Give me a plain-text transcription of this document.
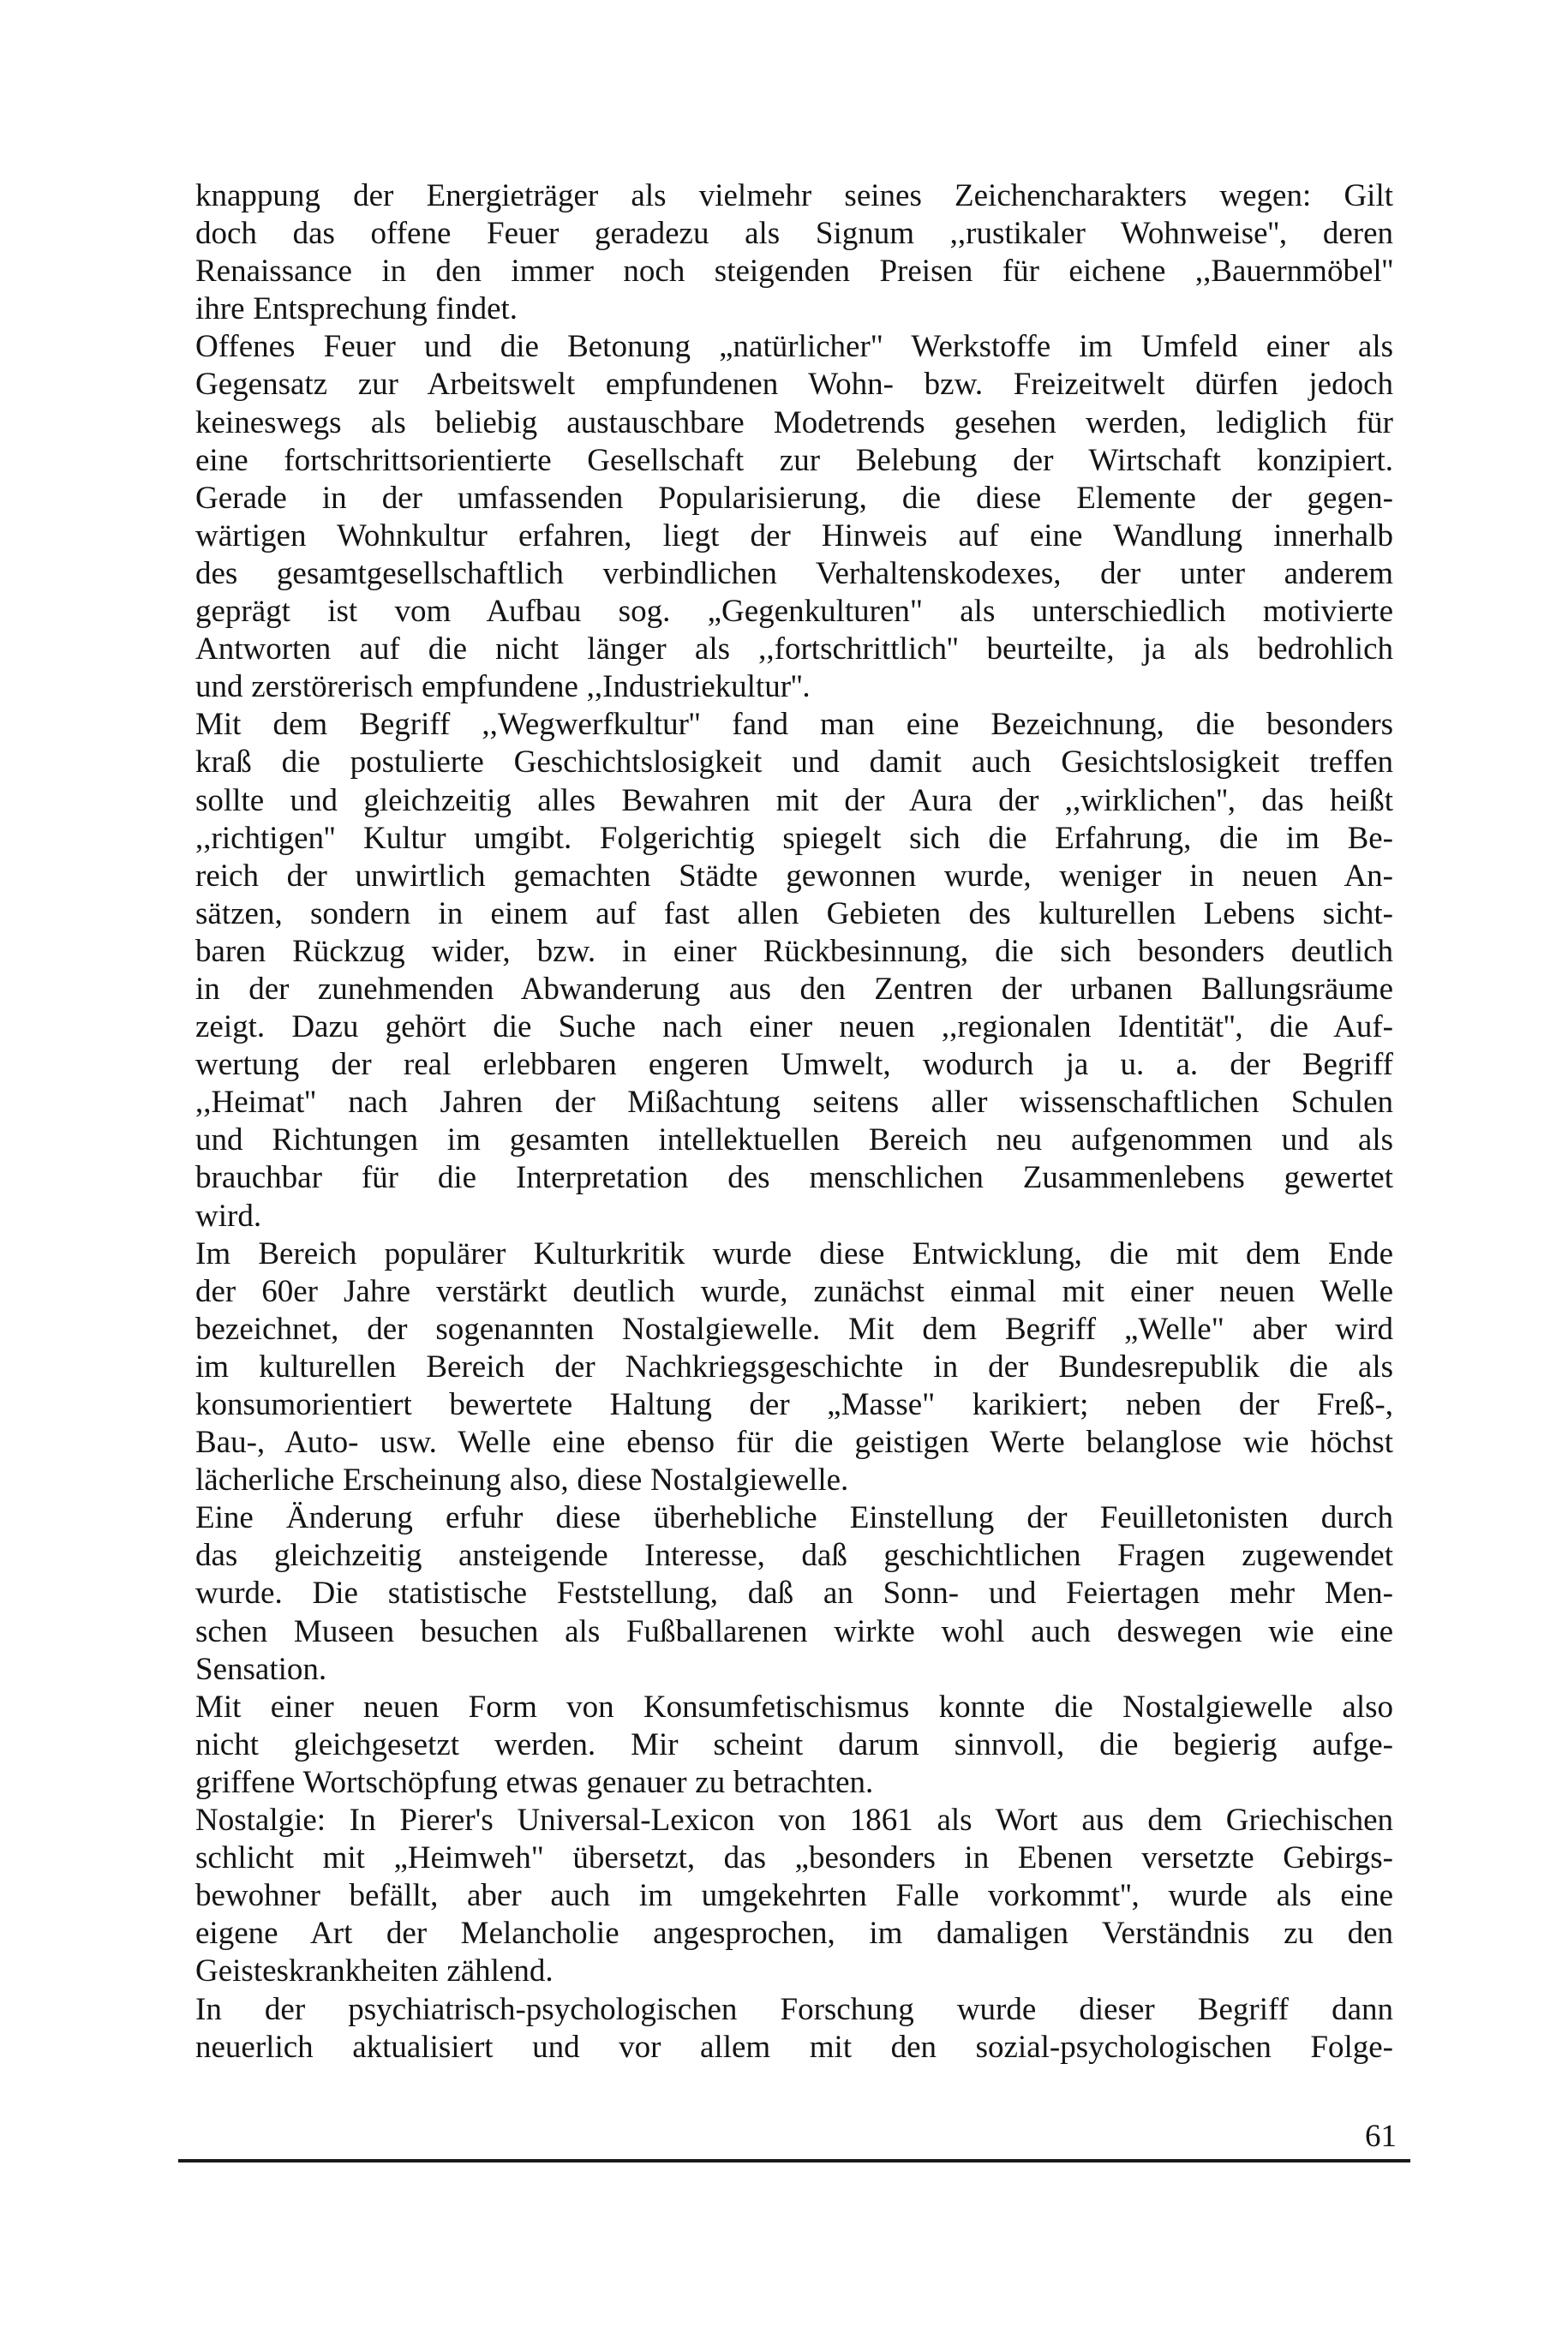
knappung der Energieträger als vielmehr seines Zeichencharakters wegen: Gilt
doch das offene Feuer geradezu als Signum ,,rustikaler Wohnweise'', deren
Renaissance in den immer noch steigenden Preisen für eichene ,,Bauernmöbel''
ihre Entsprechung findet.

Offenes Feuer und die Betonung „natürlicher" Werkstoffe im Umfeld einer als
Gegensatz zur Arbeitswelt empfundenen Wohn- bzw. Freizeitwelt dürfen jedoch
keineswegs als beliebig austauschbare Modetrends gesehen werden, lediglich für
eine fortschrittsorientierte Gesellschaft zur Belebung der Wirtschaft konzipiert.
Gerade in der umfassenden Popularisierung, die diese Elemente der gegen-
wärtigen Wohnkultur erfahren, liegt der Hinweis auf eine Wandlung innerhalb
des gesamtgesellschaftlich verbindlichen Verhaltenskodexes, der unter anderem
geprägt ist vom Aufbau sog. „Gegenkulturen" als unterschiedlich motivierte
Antworten auf die nicht länger als ,,fortschrittlich'' beurteilte, ja als bedrohlich
und zerstörerisch empfundene ,,Industriekultur''.

Mit dem Begriff ,,Wegwerfkultur'' fand man eine Bezeichnung, die besonders
kraß die postulierte Geschichtslosigkeit und damit auch Gesichtslosigkeit treffen
sollte und gleichzeitig alles Bewahren mit der Aura der ,,wirklichen'', das heißt
,,richtigen'' Kultur umgibt. Folgerichtig spiegelt sich die Erfahrung, die im Be-
reich der unwirtlich gemachten Städte gewonnen wurde, weniger in neuen An-
sätzen, sondern in einem auf fast allen Gebieten des kulturellen Lebens sicht-
baren Rückzug wider, bzw. in einer Rückbesinnung, die sich besonders deutlich
in der zunehmenden Abwanderung aus den Zentren der urbanen Ballungsräume
zeigt. Dazu gehört die Suche nach einer neuen ,,regionalen Identität'', die Auf-
wertung der real erlebbaren engeren Umwelt, wodurch ja u. a. der Begriff
,,Heimat'' nach Jahren der Mißachtung seitens aller wissenschaftlichen Schulen
und Richtungen im gesamten intellektuellen Bereich neu aufgenommen und als
brauchbar für die Interpretation des menschlichen Zusammenlebens gewertet
wird.

Im Bereich populärer Kulturkritik wurde diese Entwicklung, die mit dem Ende
der 60er Jahre verstärkt deutlich wurde, zunächst einmal mit einer neuen Welle
bezeichnet, der sogenannten Nostalgiewelle. Mit dem Begriff „Welle" aber wird
im kulturellen Bereich der Nachkriegsgeschichte in der Bundesrepublik die als
konsumorientiert bewertete Haltung der „Masse" karikiert; neben der Freß-,
Bau-, Auto- usw. Welle eine ebenso für die geistigen Werte belanglose wie höchst
lächerliche Erscheinung also, diese Nostalgiewelle.

Eine Änderung erfuhr diese überhebliche Einstellung der Feuilletonisten durch
das gleichzeitig ansteigende Interesse, daß geschichtlichen Fragen zugewendet
wurde. Die statistische Feststellung, daß an Sonn- und Feiertagen mehr Men-
schen Museen besuchen als Fußballarenen wirkte wohl auch deswegen wie eine
Sensation.

Mit einer neuen Form von Konsumfetischismus konnte die Nostalgiewelle also
nicht gleichgesetzt werden. Mir scheint darum sinnvoll, die begierig aufge-
griffene Wortschöpfung etwas genauer zu betrachten.

Nostalgie: In Pierer's Universal-Lexicon von 1861 als Wort aus dem Griechischen
schlicht mit „Heimweh" übersetzt, das „besonders in Ebenen versetzte Gebirgs-
bewohner befällt, aber auch im umgekehrten Falle vorkommt'', wurde als eine
eigene Art der Melancholie angesprochen, im damaligen Verständnis zu den
Geisteskrankheiten zählend.

In der psychiatrisch-psychologischen Forschung wurde dieser Begriff dann
neuerlich aktualisiert und vor allem mit den sozial-psychologischen Folge-

61
